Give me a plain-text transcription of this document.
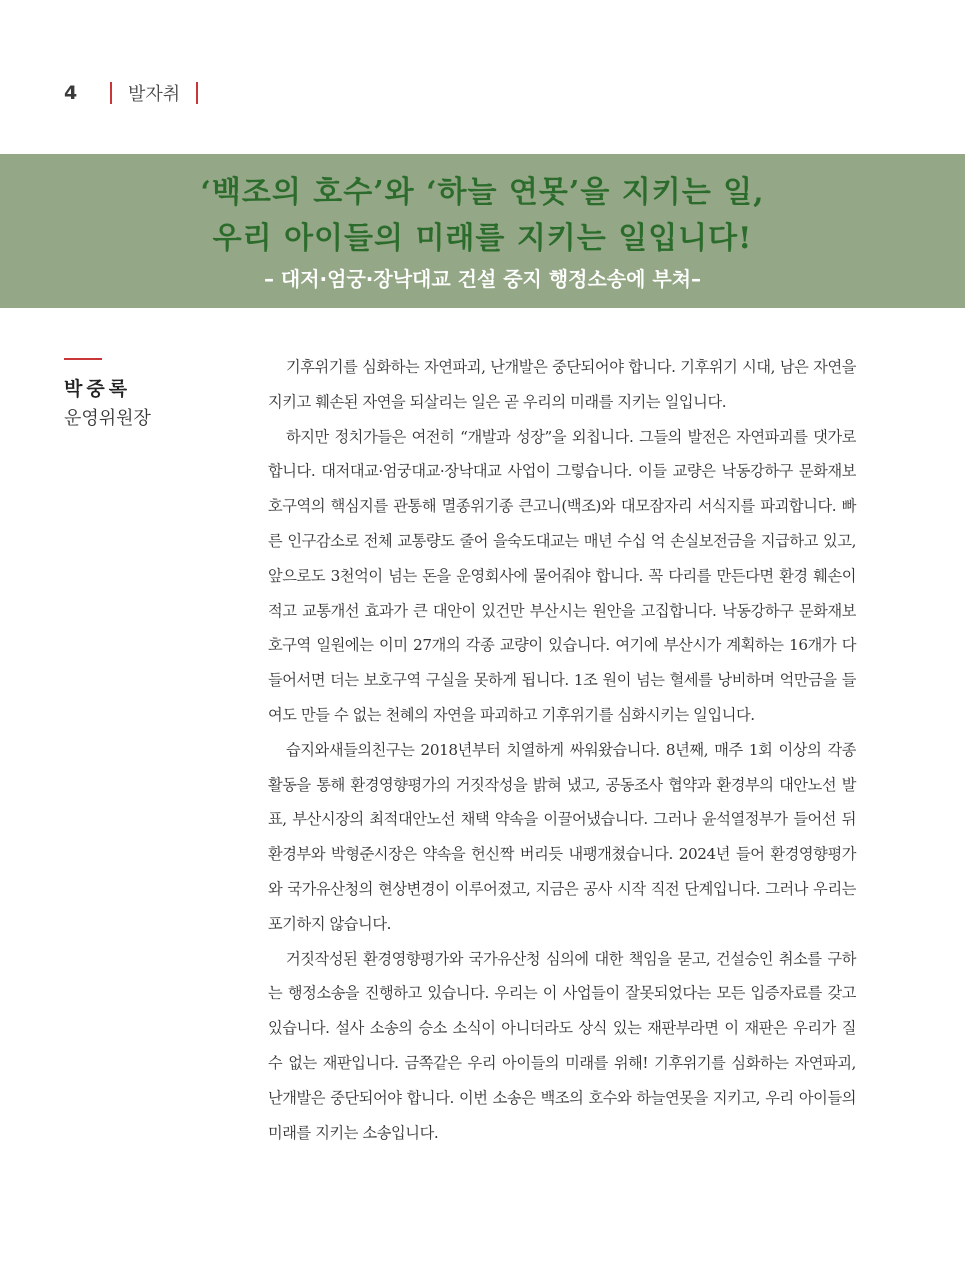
4	발자취
‘백조의 호수’와 ‘하늘 연못’을 지키는 일,
우리 아이들의 미래를 지키는 일입니다!
– 대저·엄궁·장낙대교 건설 중지 행정소송에 부쳐–
박중록
운영위원장

기후위기를 심화하는 자연파괴, 난개발은 중단되어야 합니다. 기후위기 시대, 남은 자연을 지키고 훼손된 자연을 되살리는 일은 곧 우리의 미래를 지키는 일입니다.

하지만 정치가들은 여전히 “개발과 성장”을 외칩니다. 그들의 발전은 자연파괴를 댓가로 합니다. 대저대교·엄궁대교·장낙대교 사업이 그렇습니다. 이들 교량은 낙동강하구 문화재보호구역의 핵심지를 관통해 멸종위기종 큰고니(백조)와 대모잠자리 서식지를 파괴합니다. 빠른 인구감소로 전체 교통량도 줄어 을숙도대교는 매년 수십 억 손실보전금을 지급하고 있고, 앞으로도 3천억이 넘는 돈을 운영회사에 물어줘야 합니다. 꼭 다리를 만든다면 환경 훼손이 적고 교통개선 효과가 큰 대안이 있건만 부산시는 원안을 고집합니다. 낙동강하구 문화재보호구역 일원에는 이미 27개의 각종 교량이 있습니다. 여기에 부산시가 계획하는 16개가 다 들어서면 더는 보호구역 구실을 못하게 됩니다. 1조 원이 넘는 혈세를 낭비하며 억만금을 들여도 만들 수 없는 천혜의 자연을 파괴하고 기후위기를 심화시키는 일입니다.

습지와새들의친구는 2018년부터 치열하게 싸워왔습니다. 8년째, 매주 1회 이상의 각종 활동을 통해 환경영향평가의 거짓작성을 밝혀 냈고, 공동조사 협약과 환경부의 대안노선 발표, 부산시장의 최적대안노선 채택 약속을 이끌어냈습니다. 그러나 윤석열정부가 들어선 뒤 환경부와 박형준시장은 약속을 헌신짝 버리듯 내팽개쳤습니다. 2024년 들어 환경영향평가와 국가유산청의 현상변경이 이루어졌고, 지금은 공사 시작 직전 단계입니다. 그러나 우리는 포기하지 않습니다.

거짓작성된 환경영향평가와 국가유산청 심의에 대한 책임을 묻고, 건설승인 취소를 구하는 행정소송을 진행하고 있습니다. 우리는 이 사업들이 잘못되었다는 모든 입증자료를 갖고 있습니다. 설사 소송의 승소 소식이 아니더라도 상식 있는 재판부라면 이 재판은 우리가 질 수 없는 재판입니다. 금쪽같은 우리 아이들의 미래를 위해! 기후위기를 심화하는 자연파괴, 난개발은 중단되어야 합니다. 이번 소송은 백조의 호수와 하늘연못을 지키고, 우리 아이들의 미래를 지키는 소송입니다.
